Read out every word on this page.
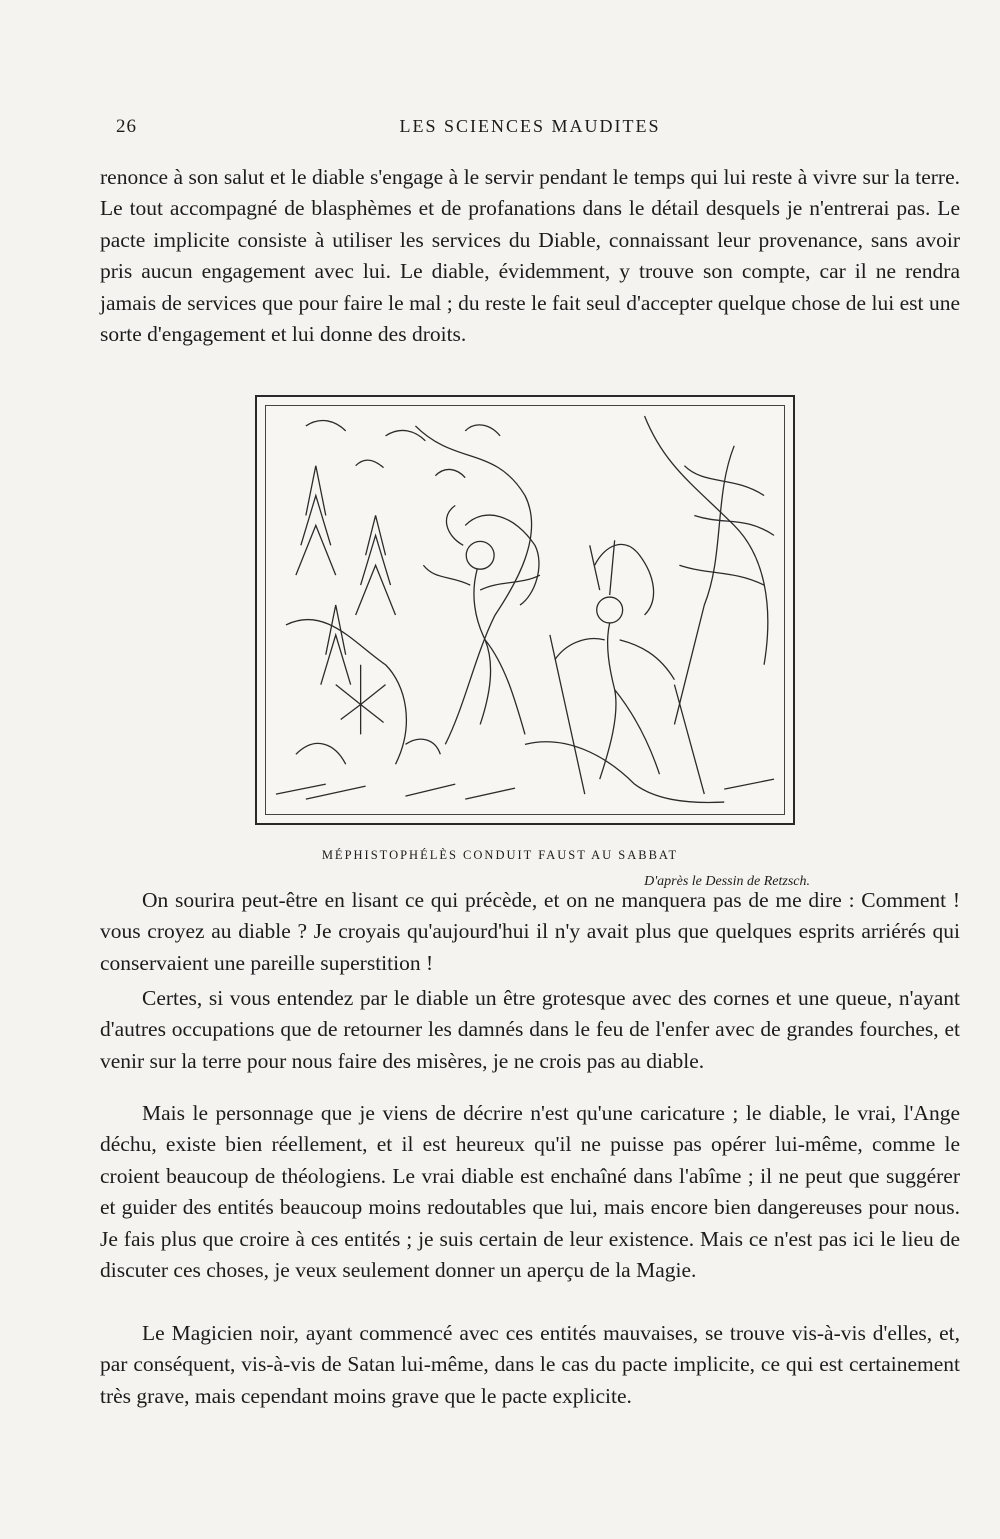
26	LES SCIENCES MAUDITES

renonce à son salut et le diable s'engage à le servir pendant le temps qui lui reste à vivre sur la terre. Le tout accompagné de blasphèmes et de profanations dans le détail desquels je n'entrerai pas. Le pacte implicite consiste à utiliser les services du Diable, connaissant leur provenance, sans avoir pris aucun engagement avec lui. Le diable, évidemment, y trouve son compte, car il ne rendra jamais de services que pour faire le mal ; du reste le fait seul d'accepter quelque chose de lui est une sorte d'engagement et lui donne des droits.

MÉPHISTOPHÉLÈS CONDUIT FAUST AU SABBAT
D'après le Dessin de Retzsch.

On sourira peut-être en lisant ce qui précède, et on ne manquera pas de me dire : Comment ! vous croyez au diable ? Je croyais qu'aujourd'hui il n'y avait plus que quelques esprits arriérés qui conservaient une pareille superstition !

Certes, si vous entendez par le diable un être grotesque avec des cornes et une queue, n'ayant d'autres occupations que de retourner les damnés dans le feu de l'enfer avec de grandes fourches, et venir sur la terre pour nous faire des misères, je ne crois pas au diable.

Mais le personnage que je viens de décrire n'est qu'une caricature ; le diable, le vrai, l'Ange déchu, existe bien réellement, et il est heureux qu'il ne puisse pas opérer lui-même, comme le croient beaucoup de théologiens. Le vrai diable est enchaîné dans l'abîme ; il ne peut que suggérer et guider des entités beaucoup moins redoutables que lui, mais encore bien dangereuses pour nous. Je fais plus que croire à ces entités ; je suis certain de leur existence. Mais ce n'est pas ici le lieu de discuter ces choses, je veux seulement donner un aperçu de la Magie.

Le Magicien noir, ayant commencé avec ces entités mauvaises, se trouve vis-à-vis d'elles, et, par conséquent, vis-à-vis de Satan lui-même, dans le cas du pacte implicite, ce qui est certainement très grave, mais cependant moins grave que le pacte explicite.
